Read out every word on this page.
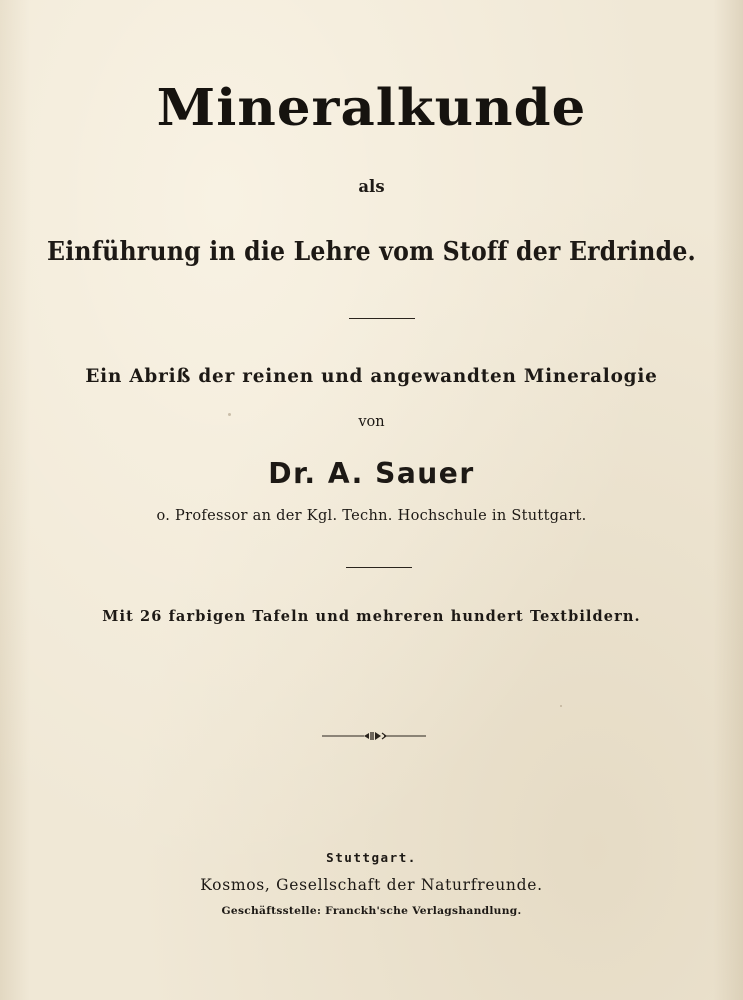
Mineralkunde
als
Einführung in die Lehre vom Stoff der Erdrinde.
Ein Abriß der reinen und angewandten Mineralogie
von
Dr. A. Sauer
o. Professor an der Kgl. Techn. Hochschule in Stuttgart.
Mit 26 farbigen Tafeln und mehreren hundert Textbildern.
Stuttgart.
Kosmos, Gesellschaft der Naturfreunde.
Geschäftsstelle: Franckh'sche Verlagshandlung.
